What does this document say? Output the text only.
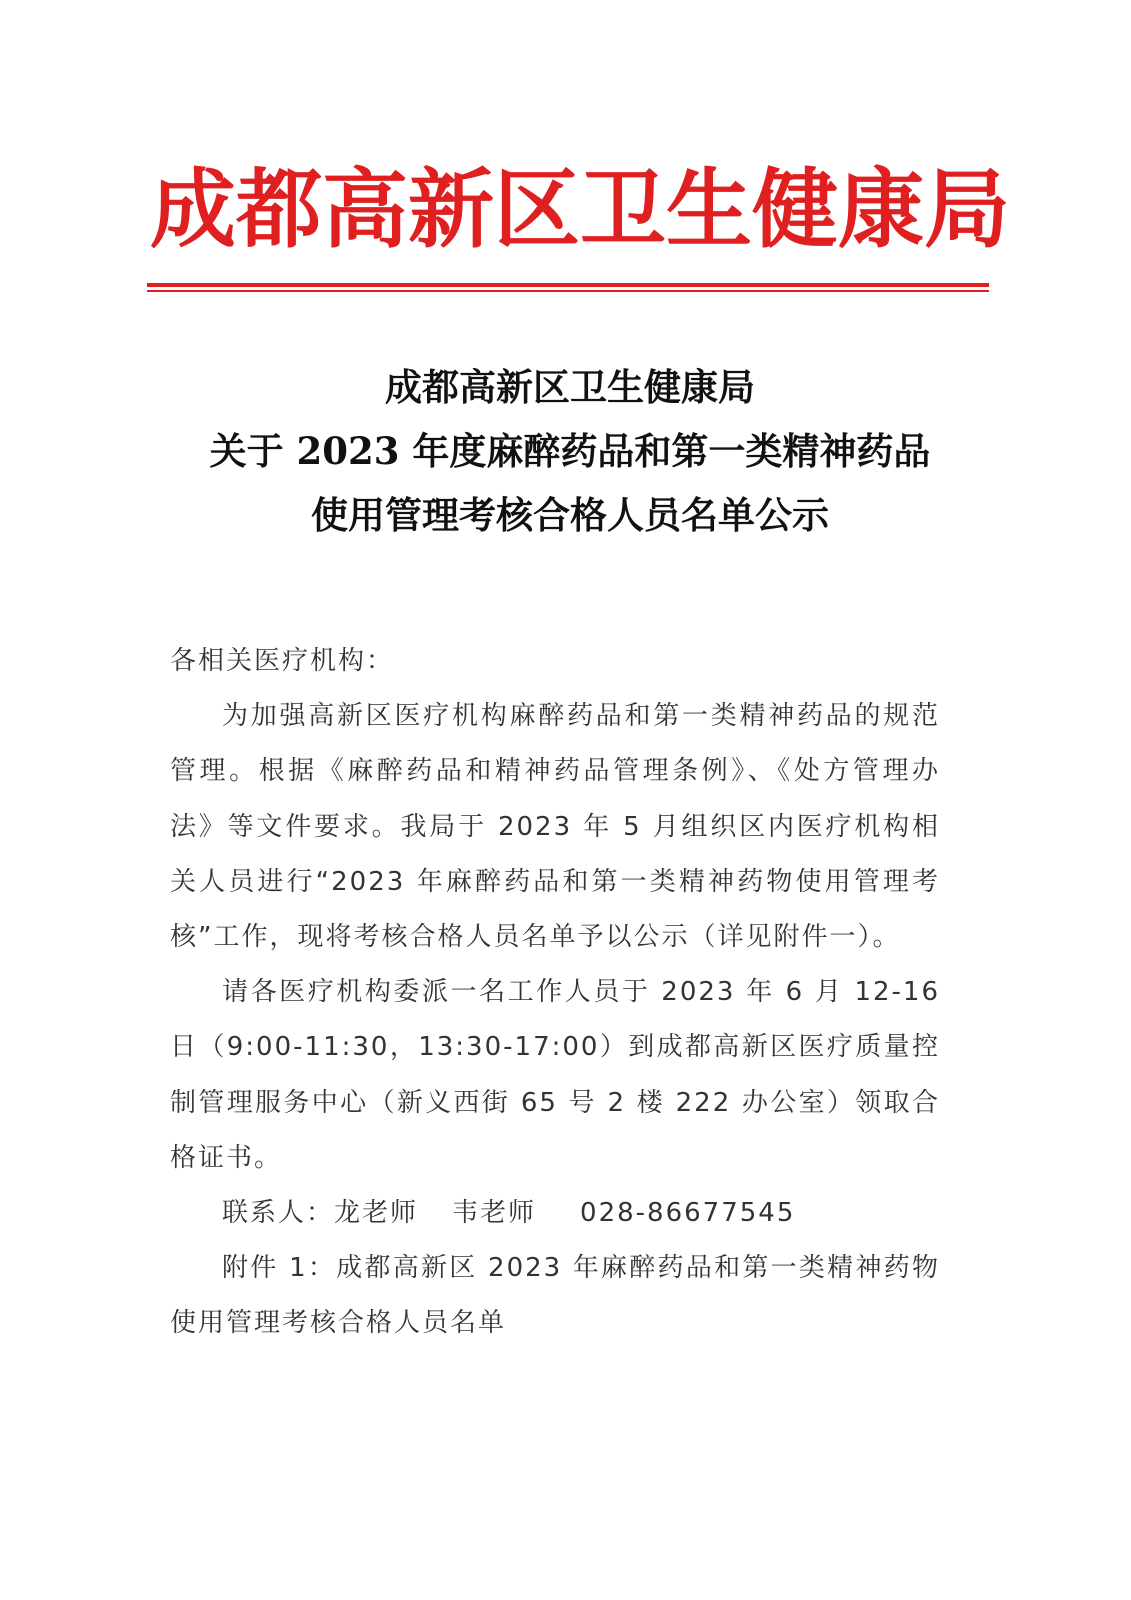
成都高新区卫生健康局
成都高新区卫生健康局
关于 2023 年度麻醉药品和第一类精神药品
使用管理考核合格人员名单公示

各相关医疗机构：

为加强高新区医疗机构麻醉药品和第一类精神药品的规范管理。根据《麻醉药品和精神药品管理条例》、《处方管理办法》等文件要求。我局于 2023 年 5 月组织区内医疗机构相关人员进行“2023 年麻醉药品和第一类精神药物使用管理考核”工作，现将考核合格人员名单予以公示（详见附件一）。

请各医疗机构委派一名工作人员于 2023 年 6 月 12-16 日（9:00-11:30，13:30-17:00）到成都高新区医疗质量控制管理服务中心（新义西街 65 号 2 楼 222 办公室）领取合格证书。

联系人：龙老师 韦老师 028-86677545

附件 1：成都高新区 2023 年麻醉药品和第一类精神药物使用管理考核合格人员名单
